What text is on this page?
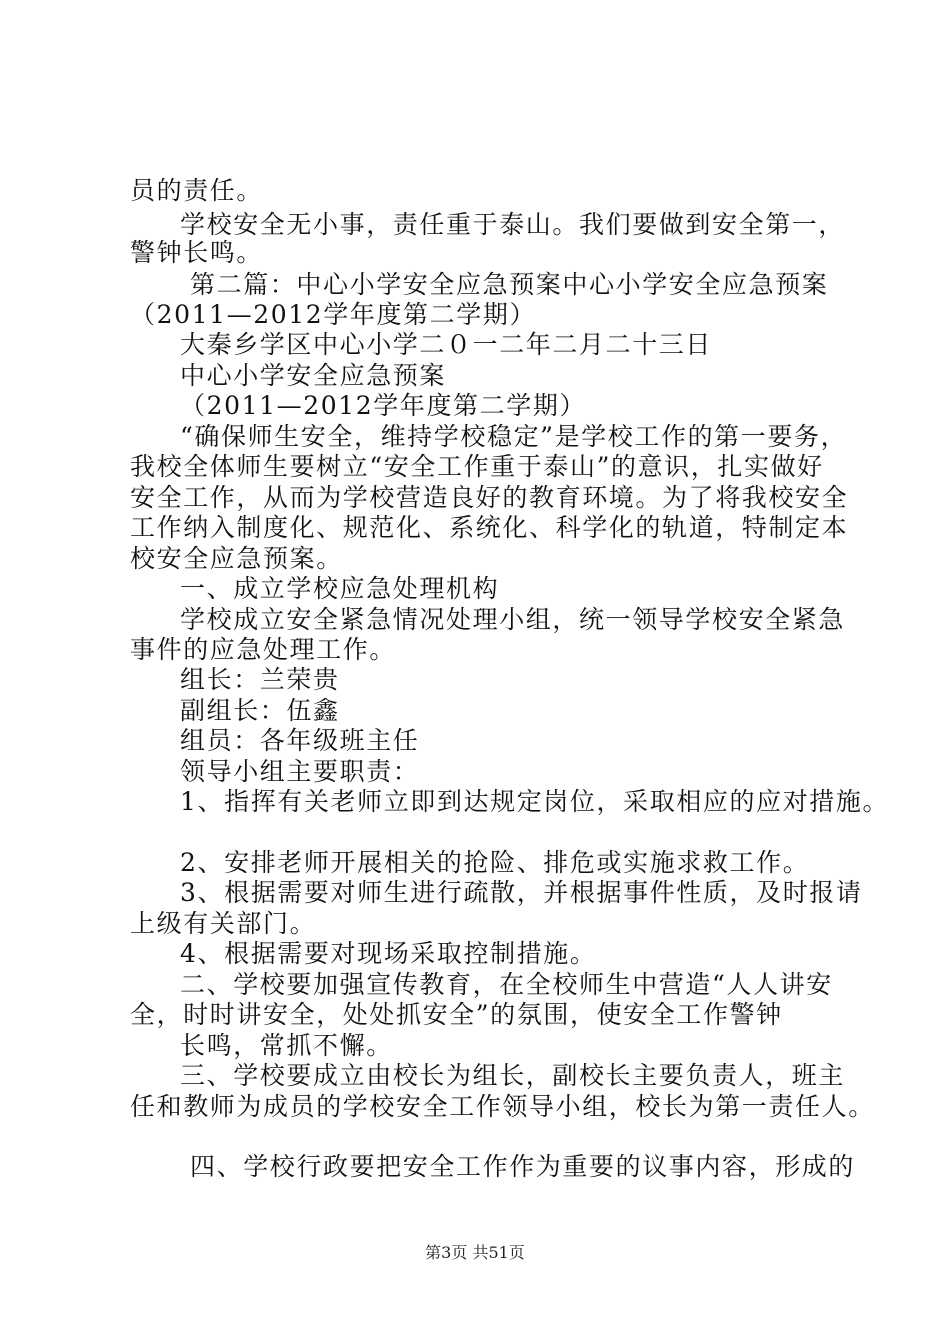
员的责任。
学校安全无小事，责任重于泰山。我们要做到安全第一，
警钟长鸣。
第二篇：中心小学安全应急预案中心小学安全应急预案
（2011—2012学年度第二学期）
大秦乡学区中心小学二０一二年二月二十三日
中心小学安全应急预案
（2011—2012学年度第二学期）
“确保师生安全，维持学校稳定”是学校工作的第一要务，
我校全体师生要树立“安全工作重于泰山”的意识，扎实做好
安全工作，从而为学校营造良好的教育环境。为了将我校安全
工作纳入制度化、规范化、系统化、科学化的轨道，特制定本
校安全应急预案。
一、成立学校应急处理机构
学校成立安全紧急情况处理小组，统一领导学校安全紧急
事件的应急处理工作。
组长：兰荣贵
副组长：伍鑫
组员：各年级班主任
领导小组主要职责：
1、指挥有关老师立即到达规定岗位，采取相应的应对措施。
2、安排老师开展相关的抢险、排危或实施求救工作。
3、根据需要对师生进行疏散，并根据事件性质，及时报请
上级有关部门。
4、根据需要对现场采取控制措施。
二、学校要加强宣传教育，在全校师生中营造“人人讲安
全，时时讲安全，处处抓安全”的氛围，使安全工作警钟
长鸣，常抓不懈。
三、学校要成立由校长为组长，副校长主要负责人，班主
任和教师为成员的学校安全工作领导小组，校长为第一责任人。
四、学校行政要把安全工作作为重要的议事内容，形成的
第3页 共51页
